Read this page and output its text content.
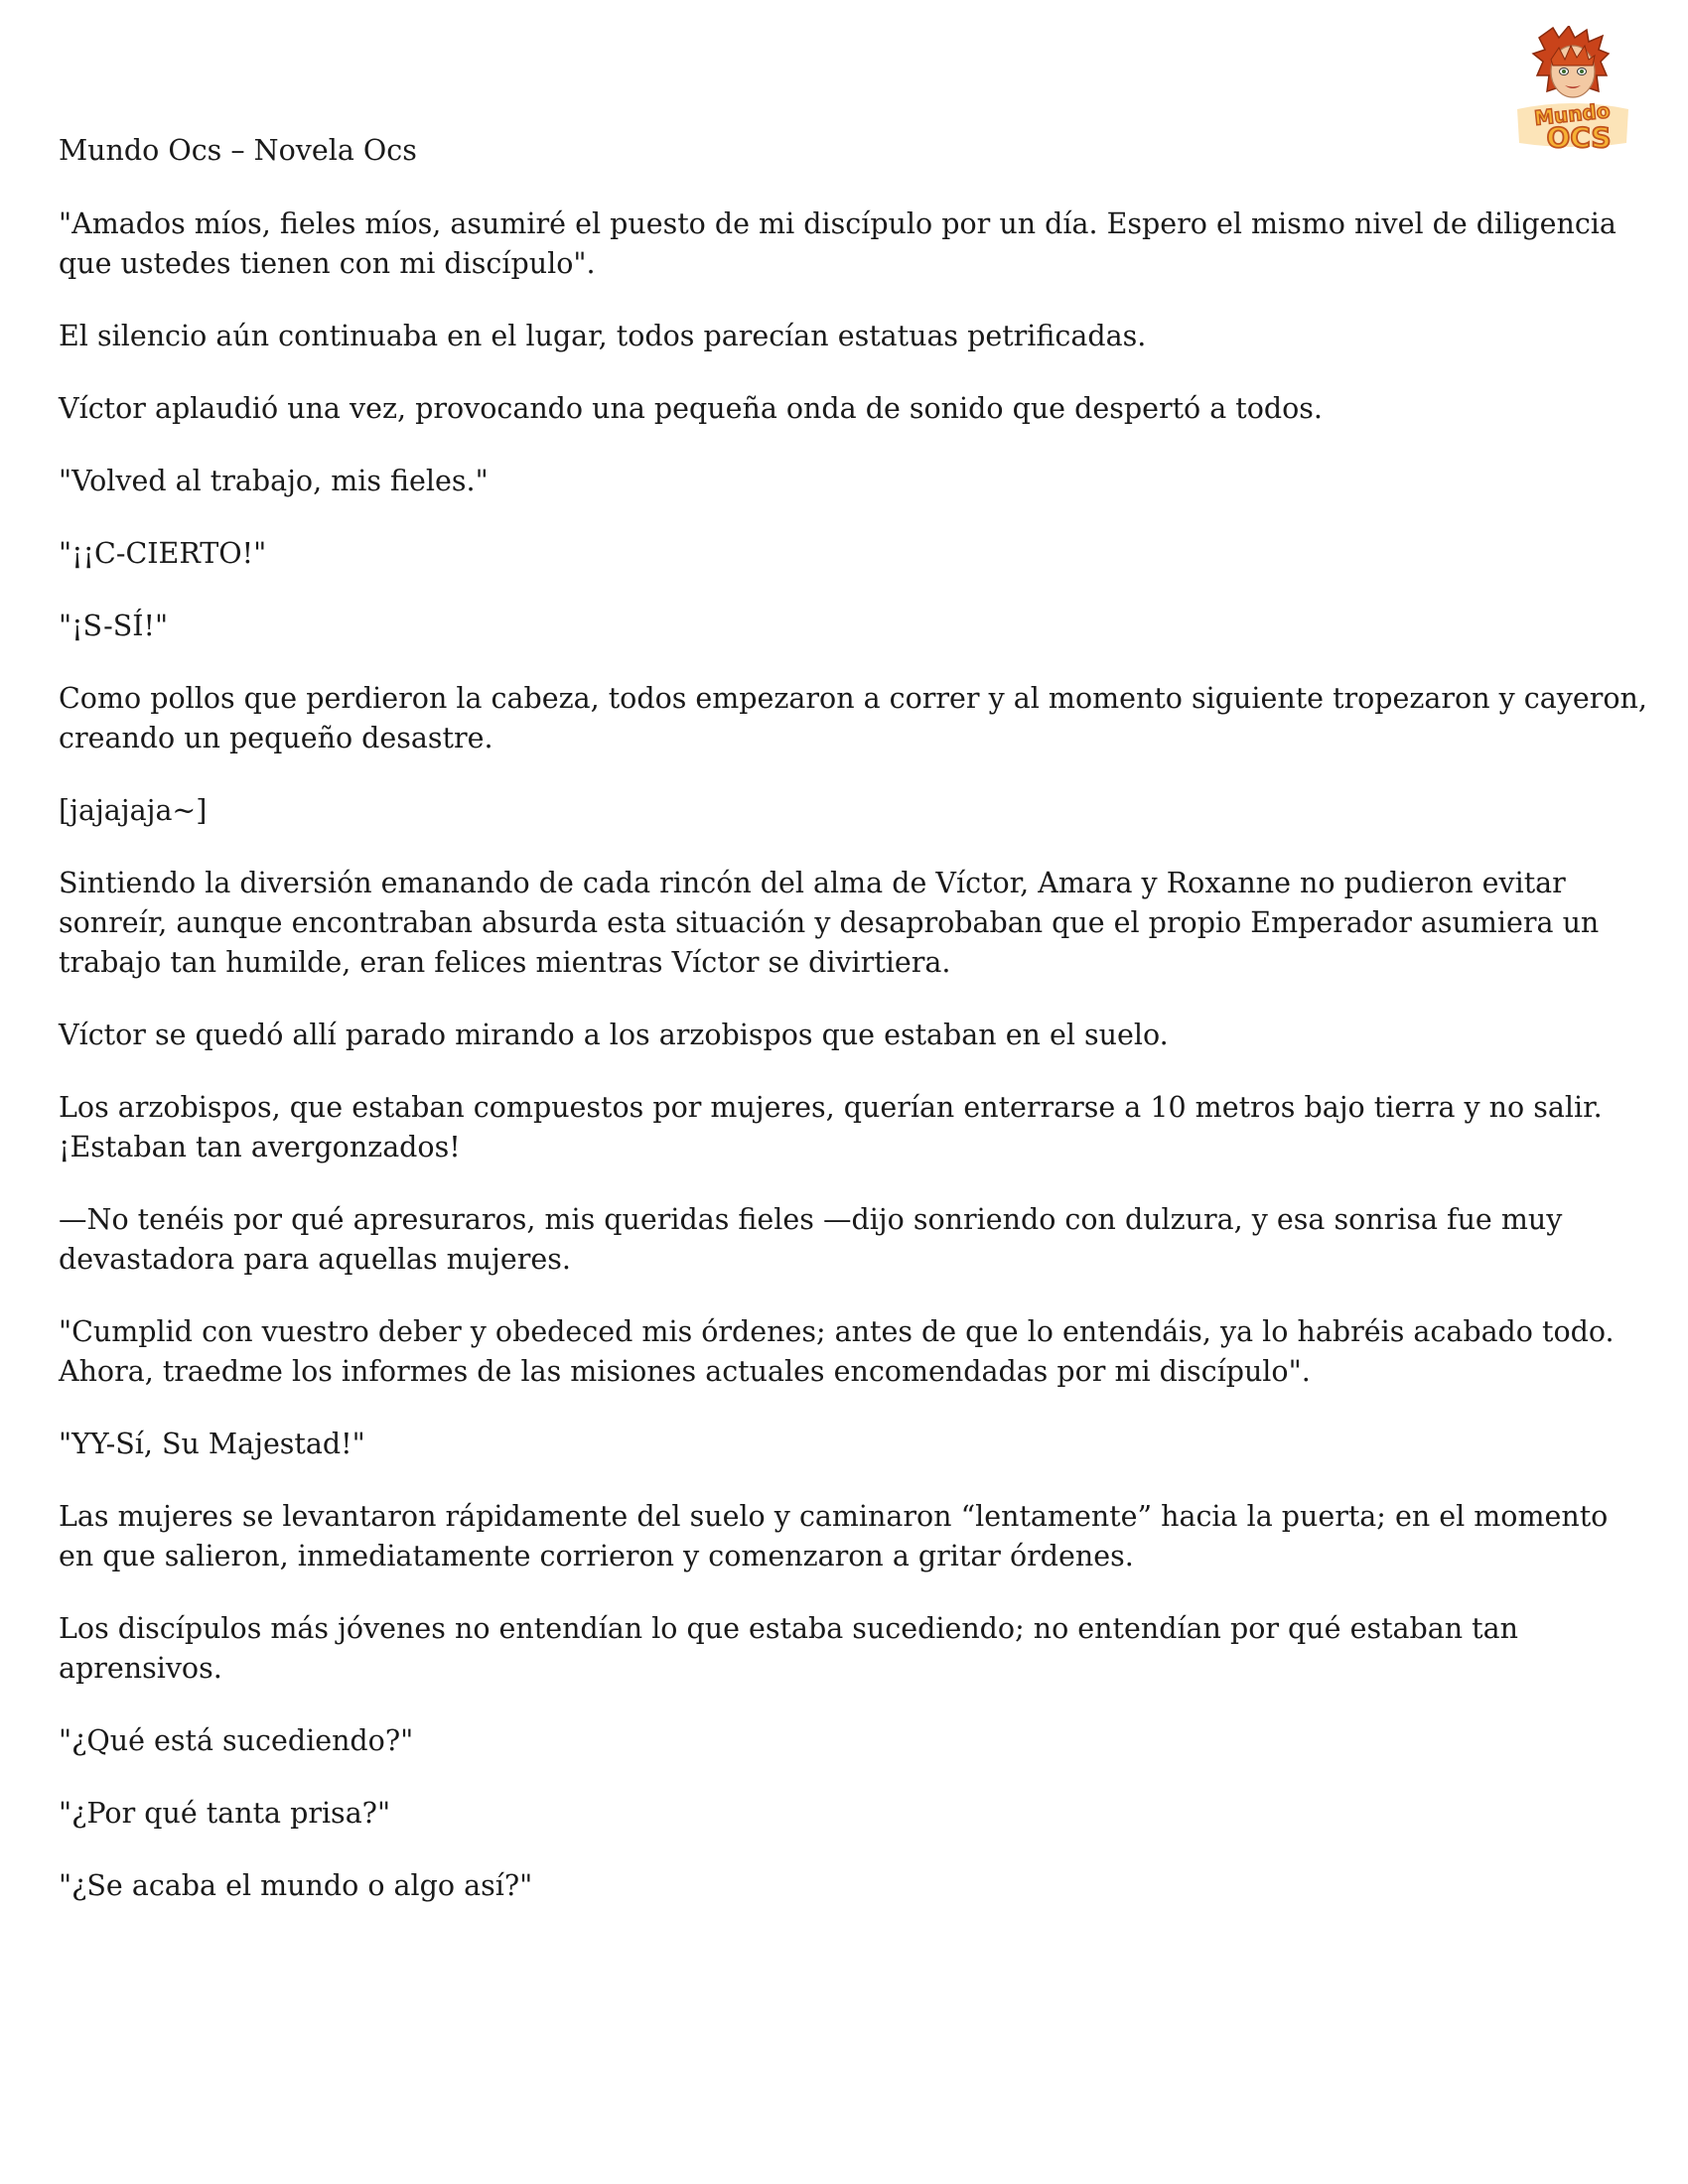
Mundo
OCS
Mundo Ocs – Novela Ocs

"Amados míos, fieles míos, asumiré el puesto de mi discípulo por un día. Espero el mismo nivel de diligencia que ustedes tienen con mi discípulo".

El silencio aún continuaba en el lugar, todos parecían estatuas petrificadas.

Víctor aplaudió una vez, provocando una pequeña onda de sonido que despertó a todos.

"Volved al trabajo, mis fieles."

"¡¡C-CIERTO!"

"¡S-SÍ!"

Como pollos que perdieron la cabeza, todos empezaron a correr y al momento siguiente tropezaron y cayeron, creando un pequeño desastre.

[jajajaja~]

Sintiendo la diversión emanando de cada rincón del alma de Víctor, Amara y Roxanne no pudieron evitar sonreír, aunque encontraban absurda esta situación y desaprobaban que el propio Emperador asumiera un trabajo tan humilde, eran felices mientras Víctor se divirtiera.

Víctor se quedó allí parado mirando a los arzobispos que estaban en el suelo.

Los arzobispos, que estaban compuestos por mujeres, querían enterrarse a 10 metros bajo tierra y no salir. ¡Estaban tan avergonzados!

—No tenéis por qué apresuraros, mis queridas fieles —dijo sonriendo con dulzura, y esa sonrisa fue muy devastadora para aquellas mujeres.

"Cumplid con vuestro deber y obedeced mis órdenes; antes de que lo entendáis, ya lo habréis acabado todo. Ahora, traedme los informes de las misiones actuales encomendadas por mi discípulo".

"YY-Sí, Su Majestad!"

Las mujeres se levantaron rápidamente del suelo y caminaron “lentamente” hacia la puerta; en el momento en que salieron, inmediatamente corrieron y comenzaron a gritar órdenes.

Los discípulos más jóvenes no entendían lo que estaba sucediendo; no entendían por qué estaban tan aprensivos.

"¿Qué está sucediendo?"

"¿Por qué tanta prisa?"

"¿Se acaba el mundo o algo así?"
